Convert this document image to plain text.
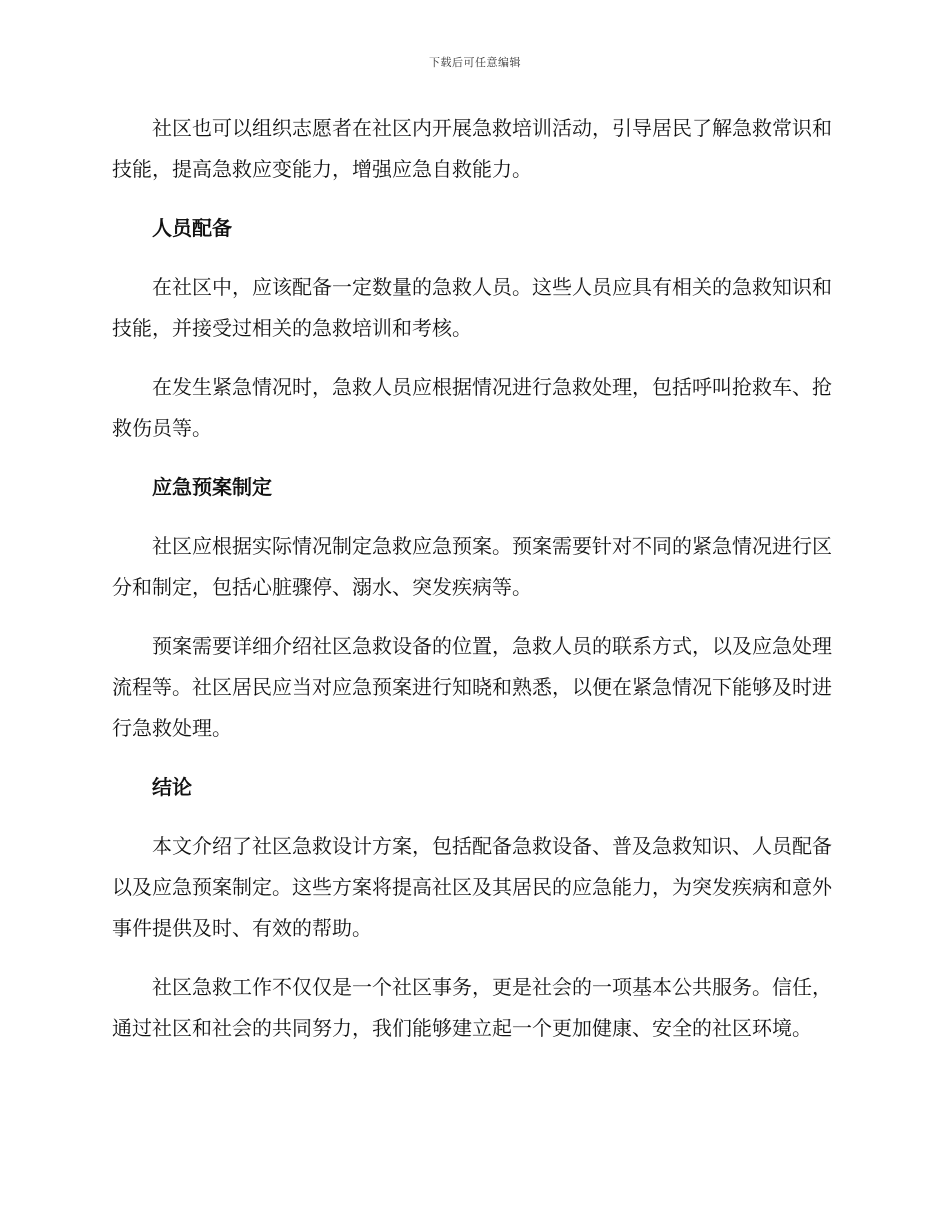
下载后可任意编辑

社区也可以组织志愿者在社区内开展急救培训活动，引导居民了解急救常识和技能，提高急救应变能力，增强应急自救能力。

人员配备

在社区中，应该配备一定数量的急救人员。这些人员应具有相关的急救知识和技能，并接受过相关的急救培训和考核。

在发生紧急情况时，急救人员应根据情况进行急救处理，包括呼叫抢救车、抢救伤员等。

应急预案制定

社区应根据实际情况制定急救应急预案。预案需要针对不同的紧急情况进行区分和制定，包括心脏骤停、溺水、突发疾病等。

预案需要详细介绍社区急救设备的位置，急救人员的联系方式，以及应急处理流程等。社区居民应当对应急预案进行知晓和熟悉，以便在紧急情况下能够及时进行急救处理。

结论

本文介绍了社区急救设计方案，包括配备急救设备、普及急救知识、人员配备以及应急预案制定。这些方案将提高社区及其居民的应急能力，为突发疾病和意外事件提供及时、有效的帮助。

社区急救工作不仅仅是一个社区事务，更是社会的一项基本公共服务。信任，通过社区和社会的共同努力，我们能够建立起一个更加健康、安全的社区环境。
